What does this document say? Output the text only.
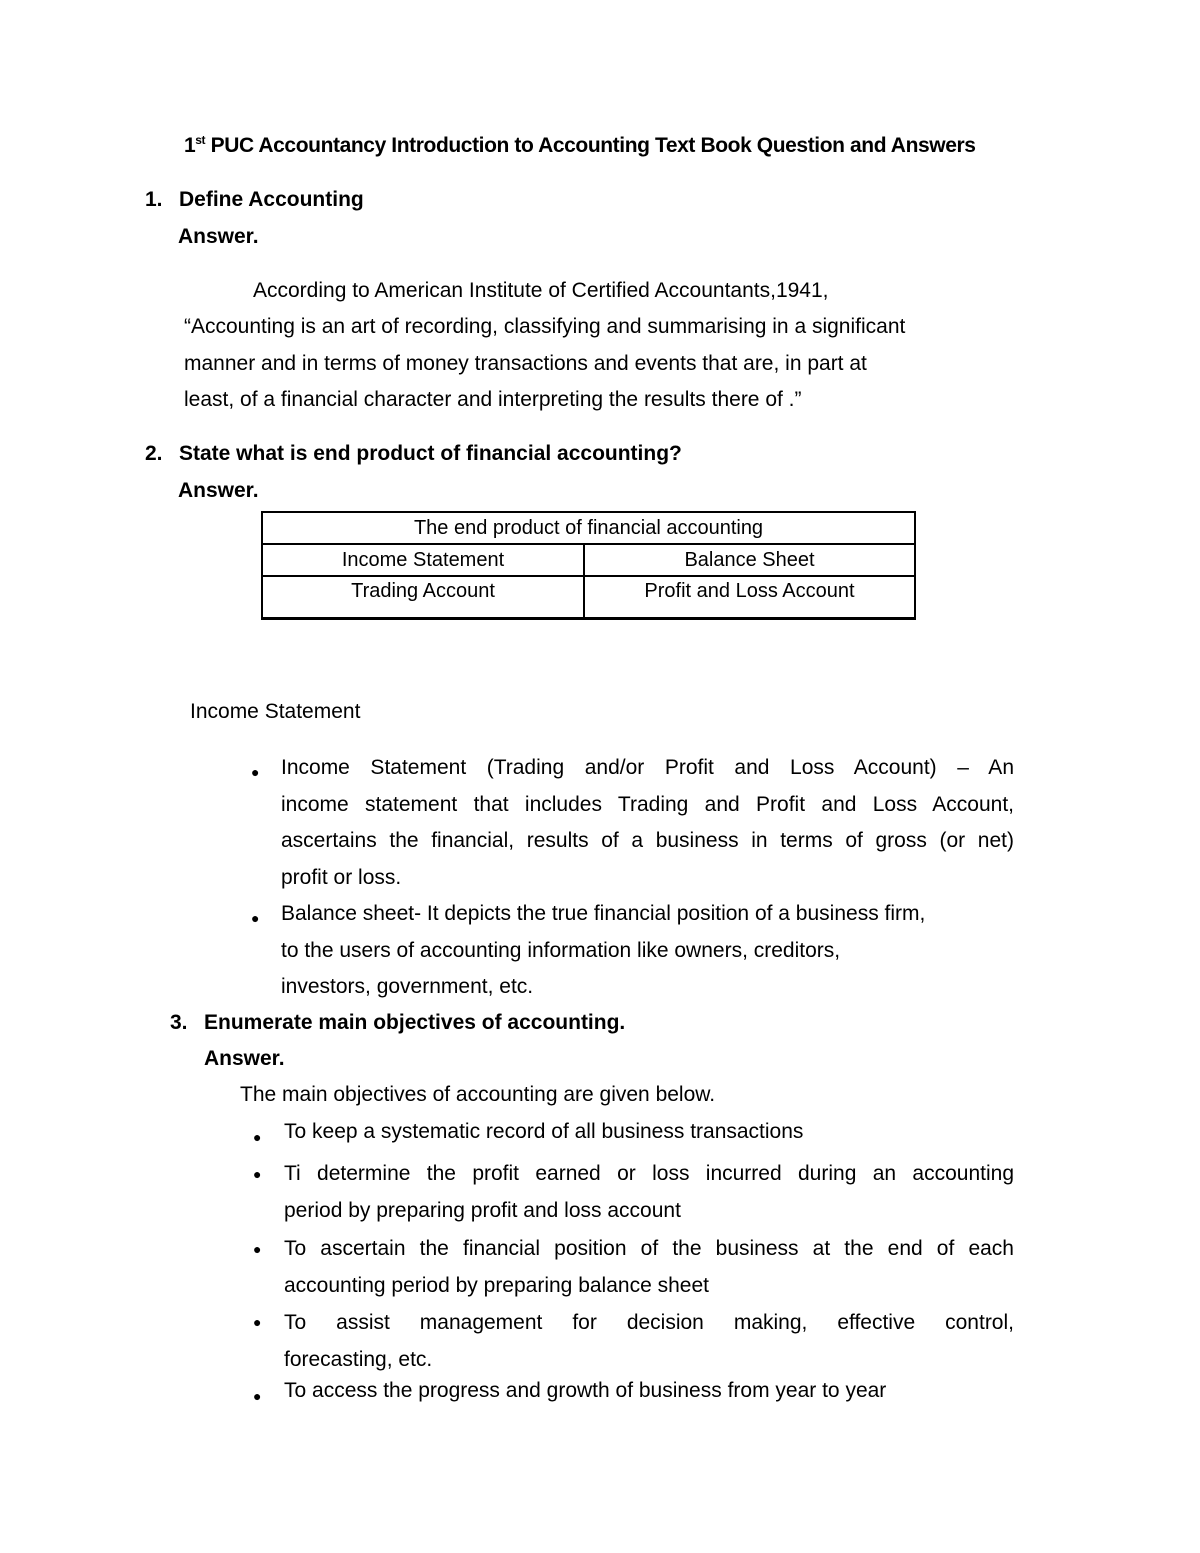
1st PUC Accountancy Introduction to Accounting Text Book Question and Answers
1. Define Accounting
Answer.
According to American Institute of Certified Accountants,1941,
“Accounting is an art of recording, classifying and summarising in a significant
manner and in terms of money transactions and events that are, in part at
least, of a financial character and interpreting the results there of .”
2. State what is end product of financial accounting?
Answer.
The end product of financial accounting	
Income Statement	Balance Sheet
Trading Account	Profit and Loss Account
Income Statement
● Income Statement (Trading and/or Profit and Loss Account) – An
income statement that includes Trading and Profit and Loss Account,
ascertains the financial, results of a business in terms of gross (or net)
profit or loss.
● Balance sheet- It depicts the true financial position of a business firm,
to the users of accounting information like owners, creditors,
investors, government, etc.
3. Enumerate main objectives of accounting.
Answer.
The main objectives of accounting are given below.
● To keep a systematic record of all business transactions
● Ti determine the profit earned or loss incurred during an accounting
period by preparing profit and loss account
● To ascertain the financial position of the business at the end of each
accounting period by preparing balance sheet
● To assist management for decision making, effective control,
forecasting, etc.
● To access the progress and growth of business from year to year
